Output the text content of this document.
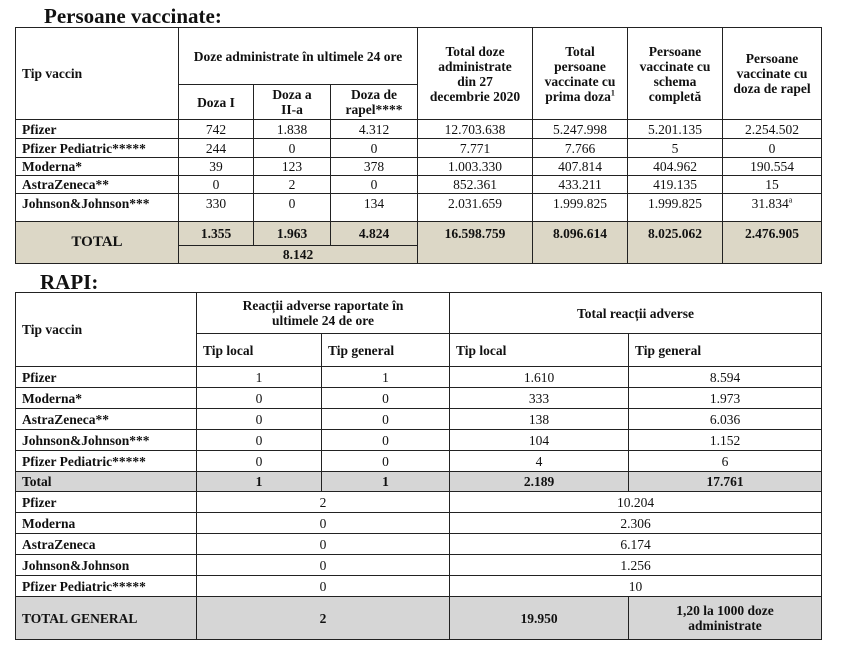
Persoane vaccinate:
Tip vaccin	Doze administrate în ultimele 24 ore			Total doze administrate din 27 decembrie 2020	Total persoane vaccinate cu prima doza$^1$	Persoane vaccinate cu schema completă	Persoane vaccinate cu doza de rapel
	Doza I	Doza a II-a	Doza de rapel****				
Pfizer	742	1.838	4.312	12.703.638	5.247.998	5.201.135	2.254.502
Pfizer Pediatric*****	244	0	0	7.771	7.766	5	0
Moderna*	39	123	378	1.003.330	407.814	404.962	190.554
AstraZeneca**	0	2	0	852.361	433.211	419.135	15
Johnson&Johnson***	330	0	134	2.031.659	1.999.825	1.999.825	31.834$^a$
TOTAL	1.355	1.963	4.824	16.598.759	8.096.614	8.025.062	2.476.905
	8.142						
RAPI:
Tip vaccin	Reacții adverse raportate în ultimele 24 de ore		Total reacții adverse	
	Tip local	Tip general	Tip local	Tip general
Pfizer	1	1	1.610	8.594
Moderna*	0	0	333	1.973
AstraZeneca**	0	0	138	6.036
Johnson&Johnson***	0	0	104	1.152
Pfizer Pediatric*****	0	0	4	6
Total	1	1	2.189	17.761
Pfizer	2		10.204	
Moderna	0		2.306	
AstraZeneca	0		6.174	
Johnson&Johnson	0		1.256	
Pfizer Pediatric*****	0		10	
TOTAL GENERAL	2		19.950	1,20 la 1000 doze administrate
